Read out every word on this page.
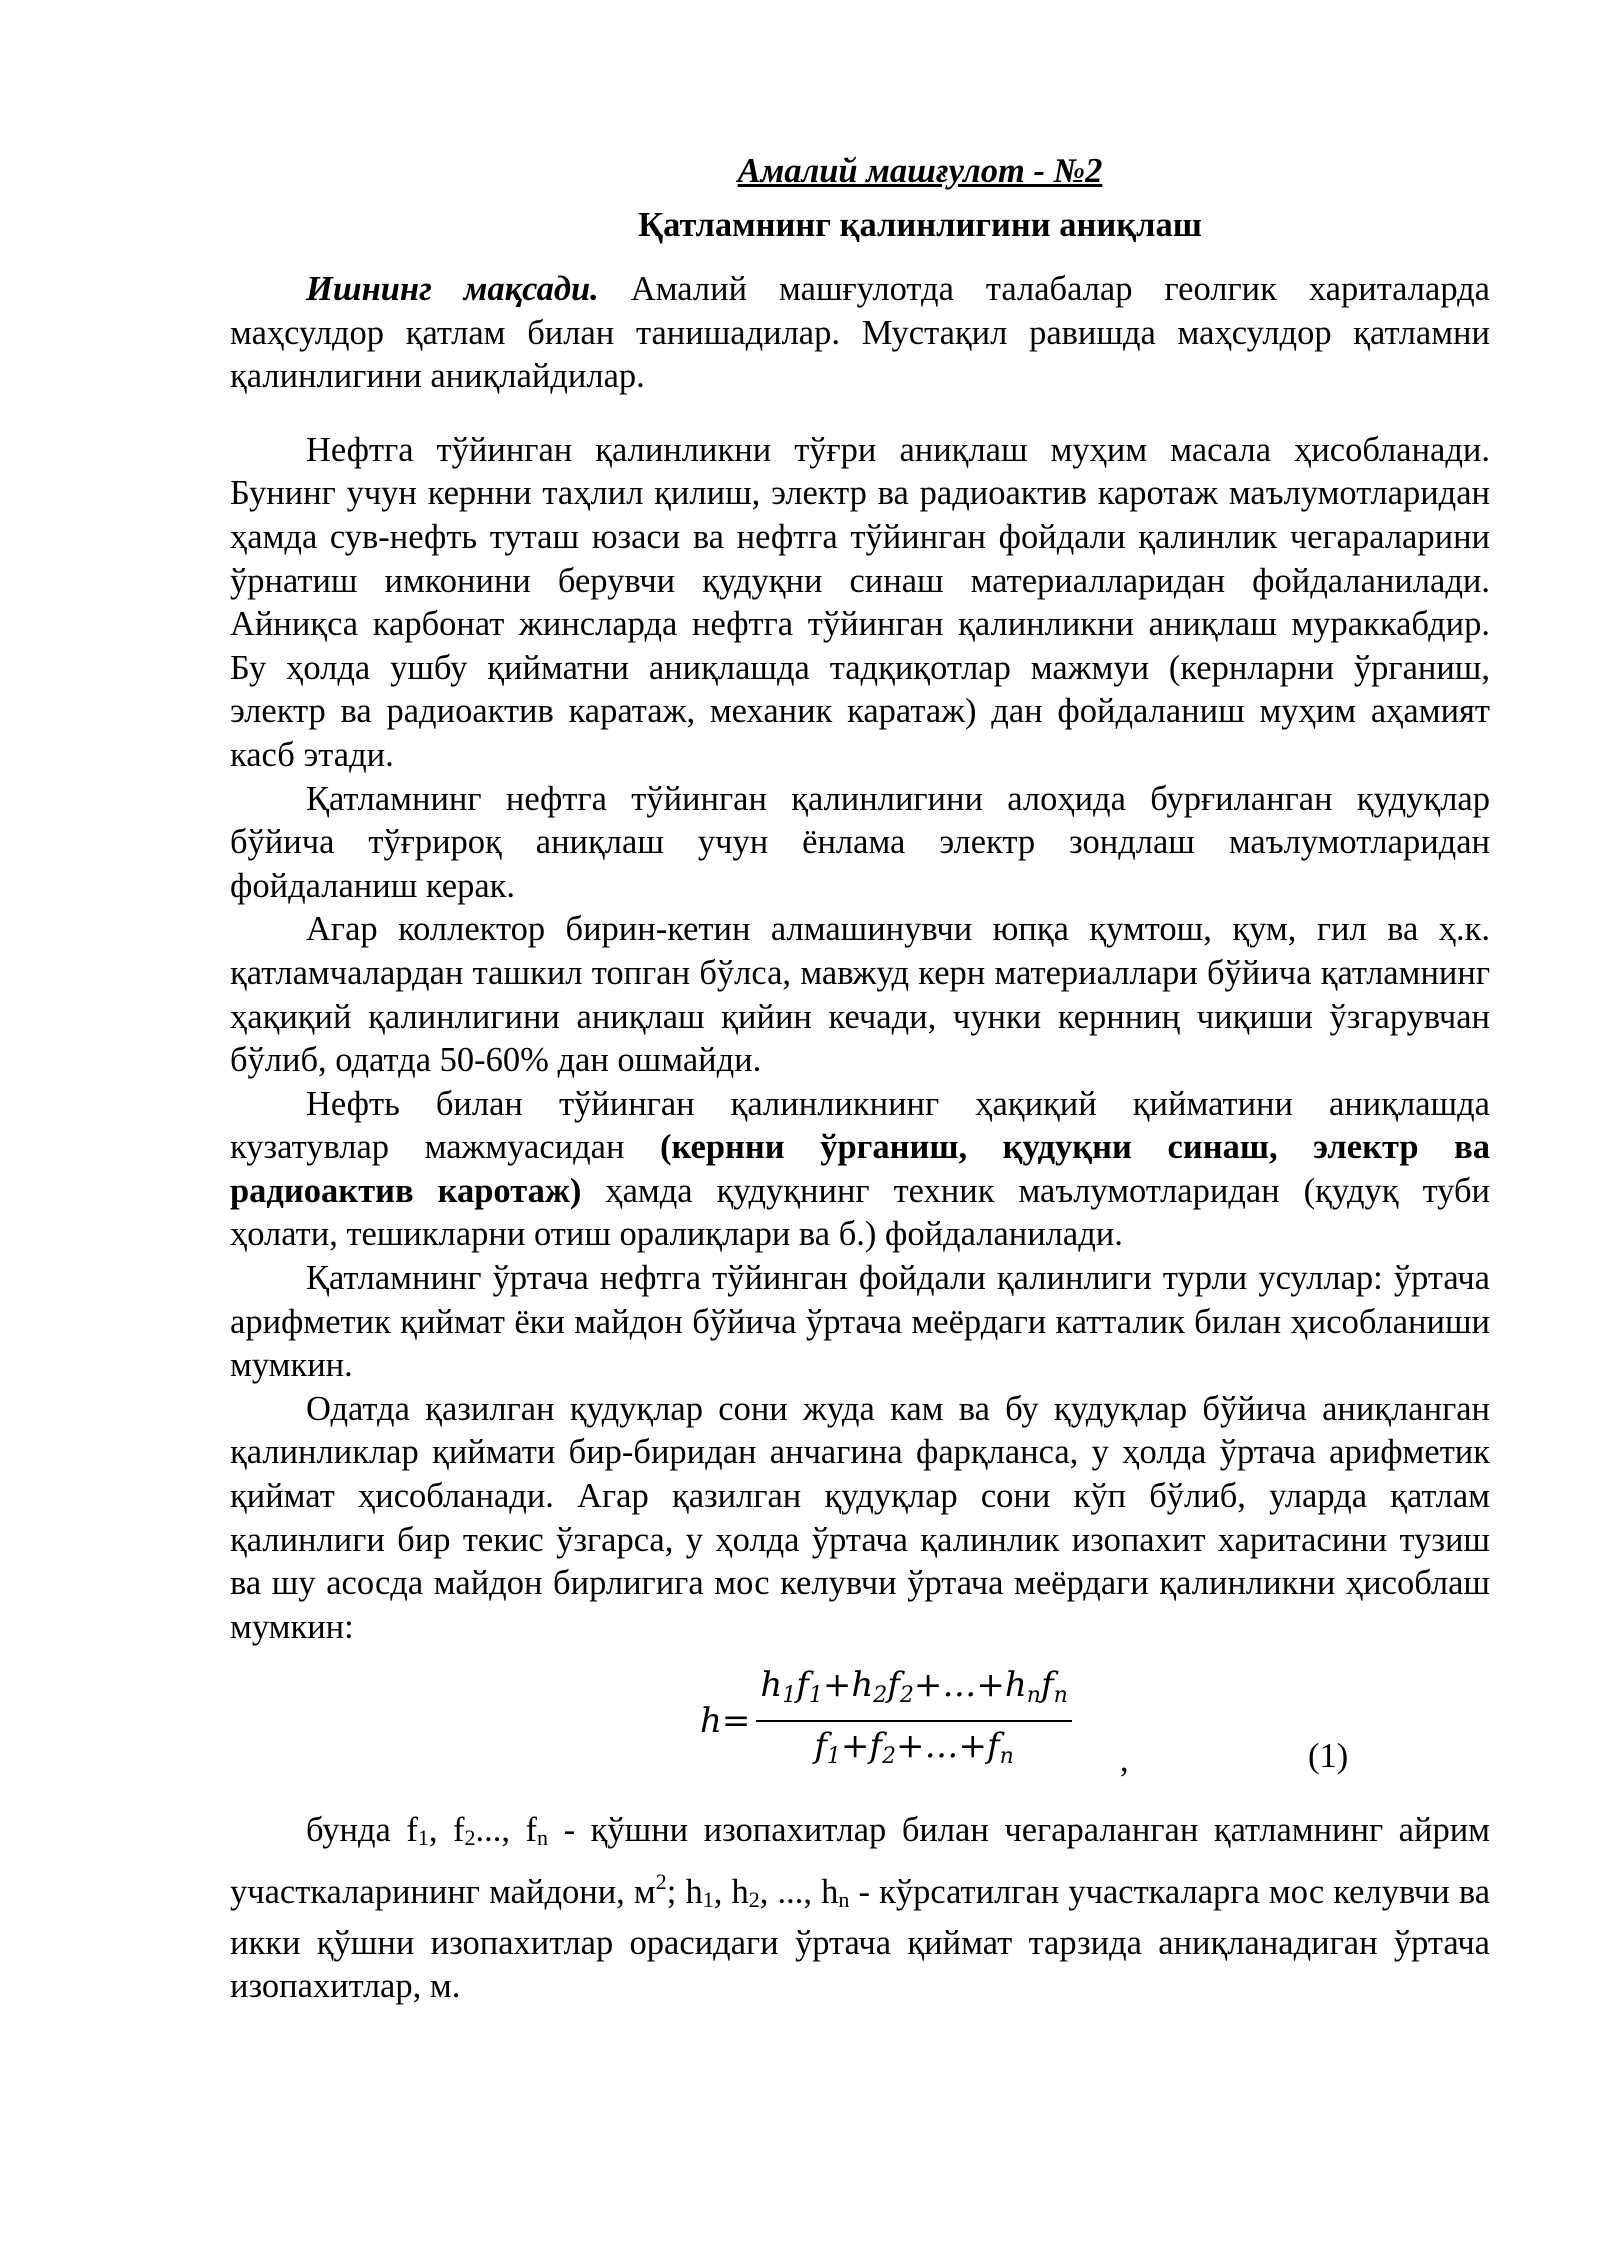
Амалий машғулот - №2
Қатламнинг қалинлигини аниқлаш

Ишнинг мақсади. Амалий машғулотда талабалар геолгик хариталарда маҳсулдор қатлам билан танишадилар. Мустақил равишда маҳсулдор қатламни қалинлигини аниқлайдилар.

Нефтга тўйинган қалинликни тўғри аниқлаш муҳим масала ҳисобланади. Бунинг учун кернни таҳлил қилиш, электр ва радиоактив каротаж маълумотларидан ҳамда сув-нефть туташ юзаси ва нефтга тўйинган фойдали қалинлик чегараларини ўрнатиш имконини берувчи қудуқни синаш материалларидан фойдаланилади. Айниқса карбонат жинсларда нефтга тўйинган қалинликни аниқлаш мураккабдир. Бу ҳолда ушбу қийматни аниқлашда тадқиқотлар мажмуи (кернларни ўрганиш, электр ва радиоактив каратаж, механик каратаж) дан фойдаланиш муҳим аҳамият касб этади.

Қатламнинг нефтга тўйинган қалинлигини алоҳида бурғиланган қудуқлар бўйича тўғрироқ аниқлаш учун ёнлама электр зондлаш маълумотларидан фойдаланиш керак.

Агар коллектор бирин-кетин алмашинувчи юпқа қумтош, қум, гил ва ҳ.к. қатламчалардан ташкил топган бўлса, мавжуд керн материаллари бўйича қатламнинг ҳақиқий қалинлигини аниқлаш қийин кечади, чунки кернниң чиқиши ўзгарувчан бўлиб, одатда 50-60% дан ошмайди.

Нефть билан тўйинган қалинликнинг ҳақиқий қийматини аниқлашда кузатувлар мажмуасидан (кернни ўрганиш, қудуқни синаш, электр ва радиоактив каротаж) ҳамда қудуқнинг техник маълумотларидан (қудуқ туби ҳолати, тешикларни отиш оралиқлари ва б.) фойдаланилади.

Қатламнинг ўртача нефтга тўйинган фойдали қалинлиги турли усуллар: ўртача арифметик қиймат ёки майдон бўйича ўртача меёрдаги катталик билан ҳисобланиши мумкин.

Одатда қазилган қудуқлар сони жуда кам ва бу қудуқлар бўйича аниқланган қалинликлар қиймати бир-биридан анчагина фарқланса, у ҳолда ўртача арифметик қиймат ҳисобланади. Агар қазилган қудуқлар сони кўп бўлиб, уларда қатлам қалинлиги бир текис ўзгарса, у ҳолда ўртача қалинлик изопахит харитасини тузиш ва шу асосда майдон бирлигига мос келувчи ўртача меёрдаги қалинликни ҳисоблаш мумкин:

$h= \frac{h_1f_1+h_2f_2+\dots+h_nf_n}{f_1+f_2+\dots+f_n}$ ,	(1)

бунда f1, f2..., fn - қўшни изопахитлар билан чегараланган қатламнинг айрим участкаларининг майдони, $м^2$; h1, h2, ..., hn - кўрсатилган участкаларга мос келувчи ва икки қўшни изопахитлар орасидаги ўртача қиймат тарзида аниқланадиган ўртача изопахитлар, м.
